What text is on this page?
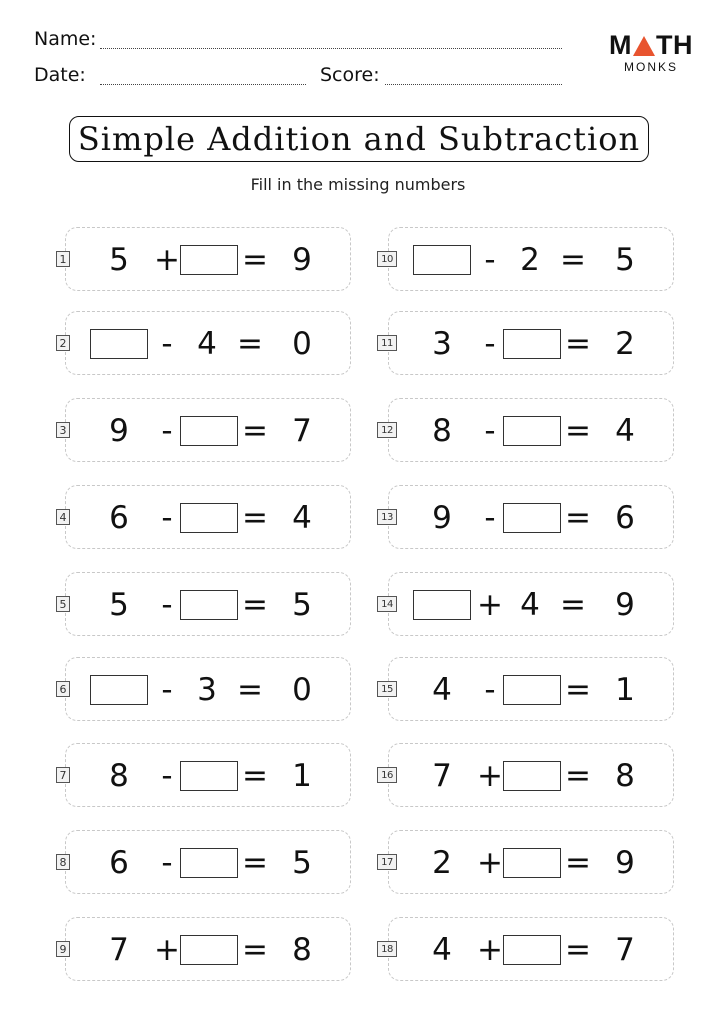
Name:
Date:	Score:
M TH
MONKS
Simple Addition and Subtraction
Fill in the missing numbers
1 5 + = 9
2	- 4 = 0
3 9 - = 7
4 6 - = 4
5 5 - = 5
6	- 3 = 0
7 8 - = 1
8 6 - = 5
9 7 + = 8
10	- 2 = 5
11 3 - = 2
12 8 - = 4
13 9 - = 6
14	+ 4 = 9
15 4 - = 1
16 7 + = 8
17 2 + = 9
18 4 + = 7
